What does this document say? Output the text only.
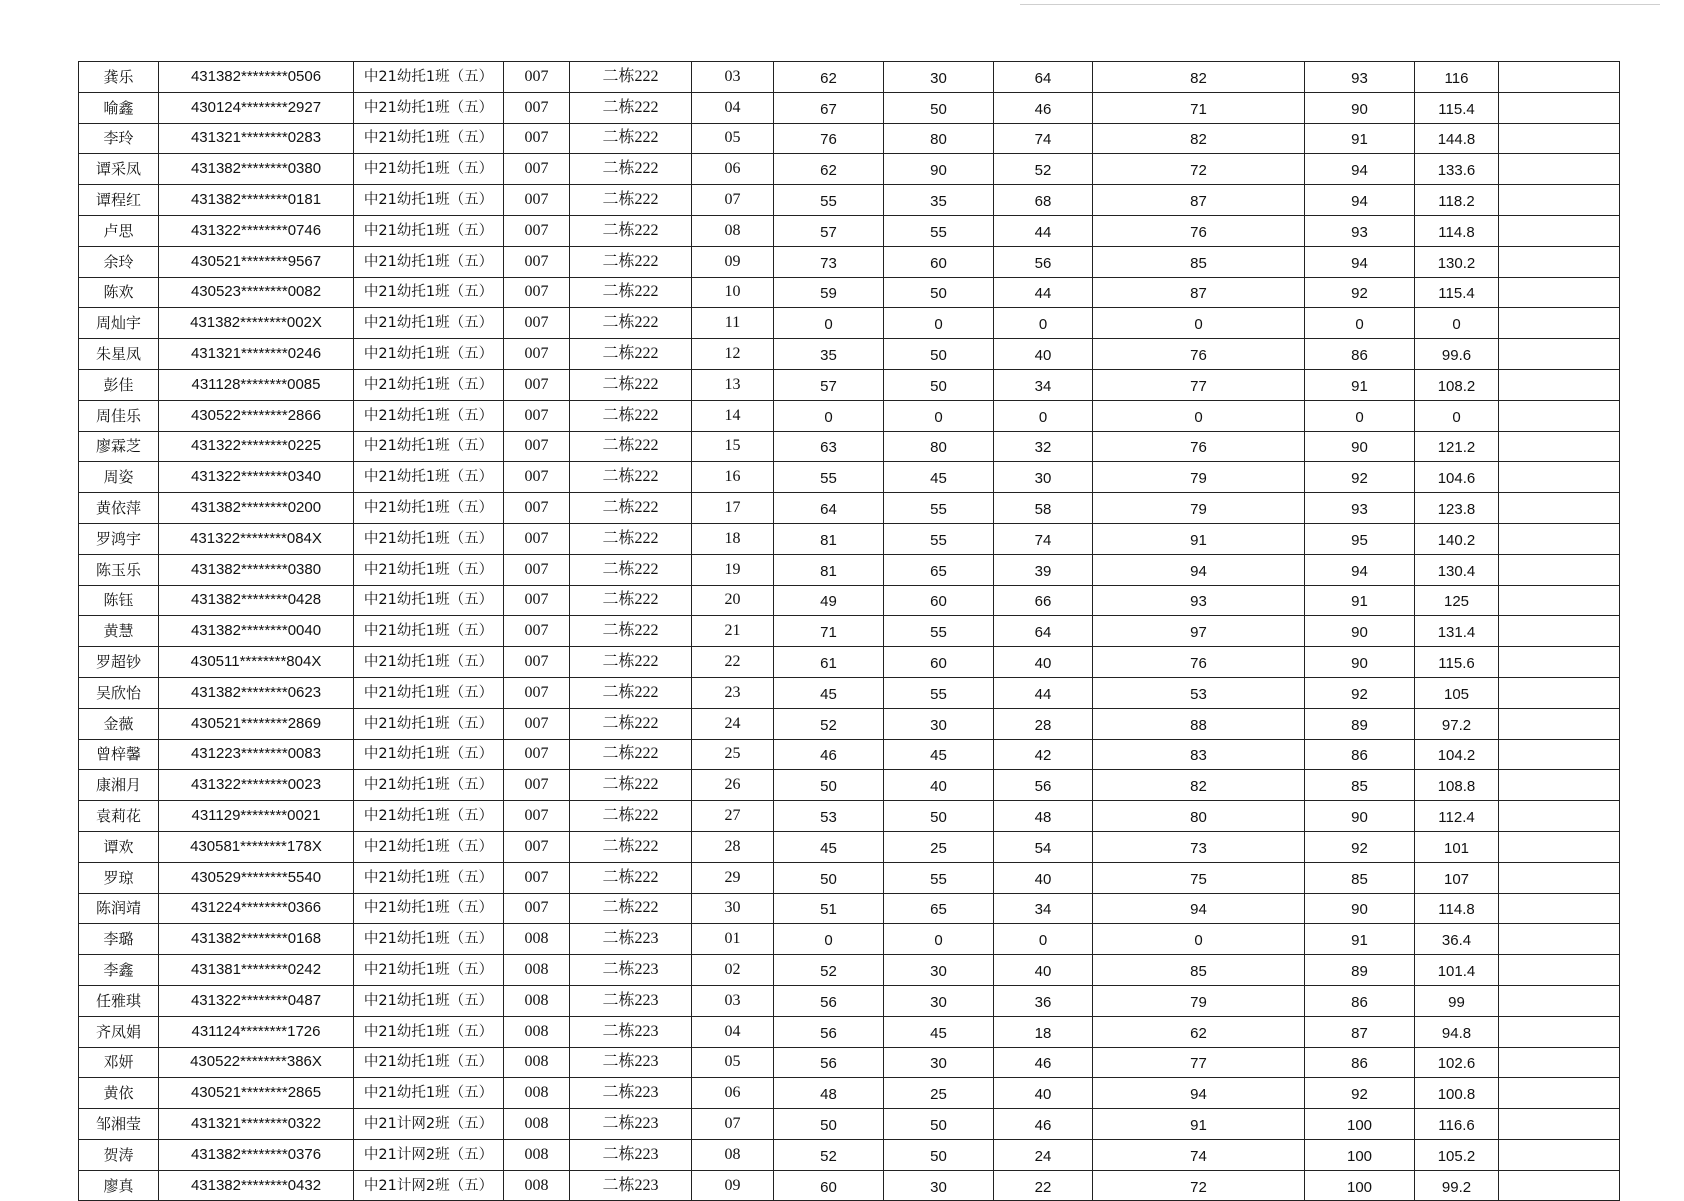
龚乐	431382********0506	中21幼托1班（五）	007	二栋222	03	62	30	64	82	93	116	
喻鑫	430124********2927	中21幼托1班（五）	007	二栋222	04	67	50	46	71	90	115.4	
李玲	431321********0283	中21幼托1班（五）	007	二栋222	05	76	80	74	82	91	144.8	
谭采凤	431382********0380	中21幼托1班（五）	007	二栋222	06	62	90	52	72	94	133.6	
谭程红	431382********0181	中21幼托1班（五）	007	二栋222	07	55	35	68	87	94	118.2	
卢思	431322********0746	中21幼托1班（五）	007	二栋222	08	57	55	44	76	93	114.8	
余玲	430521********9567	中21幼托1班（五）	007	二栋222	09	73	60	56	85	94	130.2	
陈欢	430523********0082	中21幼托1班（五）	007	二栋222	10	59	50	44	87	92	115.4	
周灿宇	431382********002X	中21幼托1班（五）	007	二栋222	11	0	0	0	0	0	0	
朱星凤	431321********0246	中21幼托1班（五）	007	二栋222	12	35	50	40	76	86	99.6	
彭佳	431128********0085	中21幼托1班（五）	007	二栋222	13	57	50	34	77	91	108.2	
周佳乐	430522********2866	中21幼托1班（五）	007	二栋222	14	0	0	0	0	0	0	
廖霖芝	431322********0225	中21幼托1班（五）	007	二栋222	15	63	80	32	76	90	121.2	
周姿	431322********0340	中21幼托1班（五）	007	二栋222	16	55	45	30	79	92	104.6	
黄依萍	431382********0200	中21幼托1班（五）	007	二栋222	17	64	55	58	79	93	123.8	
罗鸿宇	431322********084X	中21幼托1班（五）	007	二栋222	18	81	55	74	91	95	140.2	
陈玉乐	431382********0380	中21幼托1班（五）	007	二栋222	19	81	65	39	94	94	130.4	
陈钰	431382********0428	中21幼托1班（五）	007	二栋222	20	49	60	66	93	91	125	
黄慧	431382********0040	中21幼托1班（五）	007	二栋222	21	71	55	64	97	90	131.4	
罗超钞	430511********804X	中21幼托1班（五）	007	二栋222	22	61	60	40	76	90	115.6	
吴欣怡	431382********0623	中21幼托1班（五）	007	二栋222	23	45	55	44	53	92	105	
金薇	430521********2869	中21幼托1班（五）	007	二栋222	24	52	30	28	88	89	97.2	
曾梓馨	431223********0083	中21幼托1班（五）	007	二栋222	25	46	45	42	83	86	104.2	
康湘月	431322********0023	中21幼托1班（五）	007	二栋222	26	50	40	56	82	85	108.8	
袁莉花	431129********0021	中21幼托1班（五）	007	二栋222	27	53	50	48	80	90	112.4	
谭欢	430581********178X	中21幼托1班（五）	007	二栋222	28	45	25	54	73	92	101	
罗琼	430529********5540	中21幼托1班（五）	007	二栋222	29	50	55	40	75	85	107	
陈润靖	431224********0366	中21幼托1班（五）	007	二栋222	30	51	65	34	94	90	114.8	
李璐	431382********0168	中21幼托1班（五）	008	二栋223	01	0	0	0	0	91	36.4	
李鑫	431381********0242	中21幼托1班（五）	008	二栋223	02	52	30	40	85	89	101.4	
任雅琪	431322********0487	中21幼托1班（五）	008	二栋223	03	56	30	36	79	86	99	
齐凤娟	431124********1726	中21幼托1班（五）	008	二栋223	04	56	45	18	62	87	94.8	
邓妍	430522********386X	中21幼托1班（五）	008	二栋223	05	56	30	46	77	86	102.6	
黄依	430521********2865	中21幼托1班（五）	008	二栋223	06	48	25	40	94	92	100.8	
邹湘莹	431321********0322	中21计网2班（五）	008	二栋223	07	50	50	46	91	100	116.6	
贺涛	431382********0376	中21计网2班（五）	008	二栋223	08	52	50	24	74	100	105.2	
廖真	431382********0432	中21计网2班（五）	008	二栋223	09	60	30	22	72	100	99.2	
